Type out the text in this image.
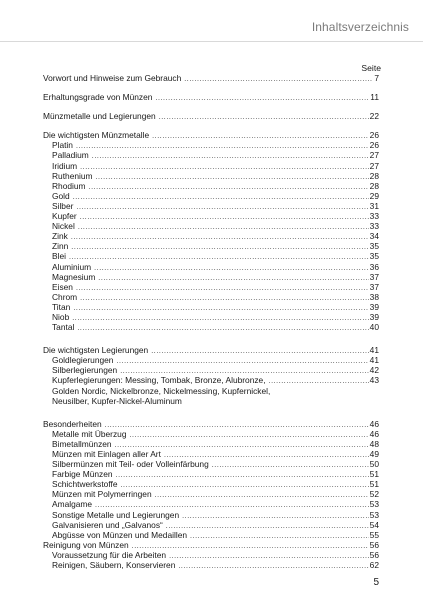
Inhaltsverzeichnis
Seite
Vorwort und Hinweise zum Gebrauch .....	7
Erhaltungsgrade von Münzen .....	11
Münzmetalle und Legierungen .....	22
Die wichtigsten Münzmetalle .....	26
Platin .....	26
Palladium .....	27
Iridium .....	27
Ruthenium .....	28
Rhodium .....	28
Gold .....	29
Silber .....	31
Kupfer .....	33
Nickel .....	33
Zink .....	34
Zinn .....	35
Blei .....	35
Aluminium .....	36
Magnesium .....	37
Eisen .....	37
Chrom .....	38
Titan .....	39
Niob .....	39
Tantal .....	40
Die wichtigsten Legierungen .....	41
Goldlegierungen .....	41
Silberlegierungen .....	42
Kupferlegierungen: Messing, Tombak, Bronze, Alubronze, .....	43
Golden Nordic, Nickelbronze, Nickelmessing, Kupfernickel,
Neusilber, Kupfer-Nickel-Aluminum
Besonderheiten .....	46
Metalle mit Überzug .....	46
Bimetallmünzen .....	48
Münzen mit Einlagen aller Art .....	49
Silbermünzen mit Teil- oder Volleinfärbung .....	50
Farbige Münzen .....	51
Schichtwerkstoffe .....	51
Münzen mit Polymerringen .....	52
Amalgame .....	53
Sonstige Metalle und Legierungen .....	53
Galvanisieren und „Galvanos“ .....	54
Abgüsse von Münzen und Medaillen .....	55
Reinigung von Münzen .....	56
Voraussetzung für die Arbeiten .....	56
Reinigen, Säubern, Konservieren .....	62
5
